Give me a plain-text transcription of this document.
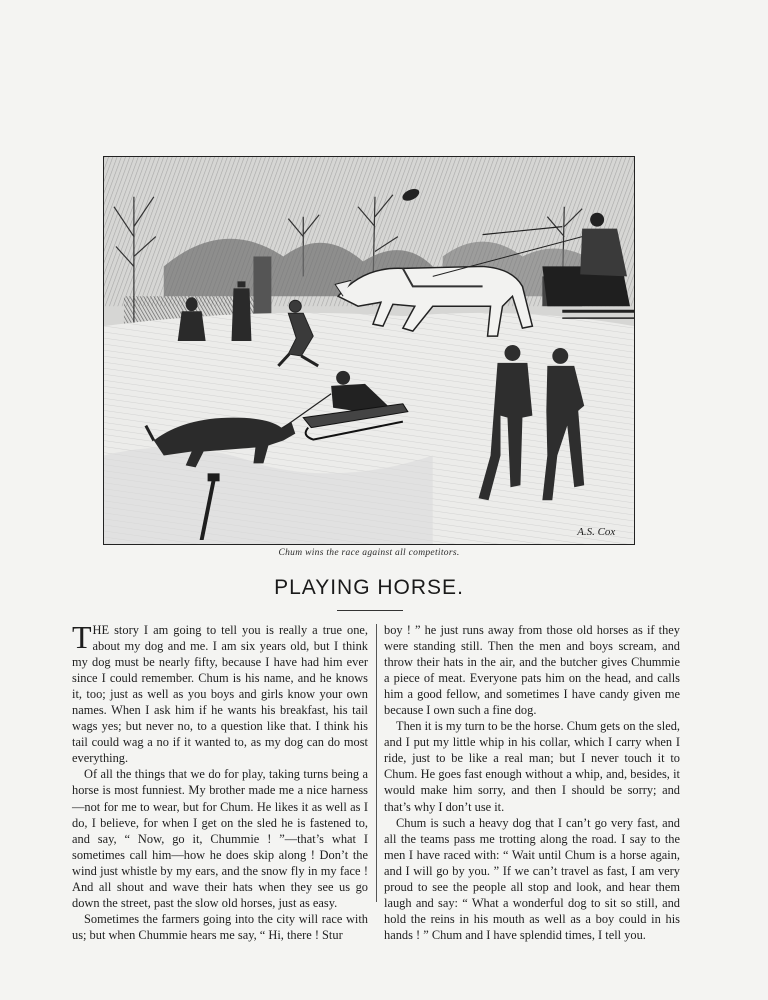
A.S. Cox
Chum wins the race against all competitors.
PLAYING HORSE.

THE story I am going to tell you is really a true one, about my dog and me. I am six years old, but I think my dog must be nearly fifty, because I have had him ever since I could remember. Chum is his name, and he knows it, too; just as well as you boys and girls know your own names. When I ask him if he wants his breakfast, his tail wags yes; but never no, to a question like that. I think his tail could wag a no if it wanted to, as my dog can do most everything.

Of all the things that we do for play, taking turns being a horse is most funniest. My brother made me a nice harness—not for me to wear, but for Chum. He likes it as well as I do, I believe, for when I get on the sled he is fastened to, and say, “ Now, go it, Chummie ! ”—that’s what I sometimes call him—how he does skip along ! Don’t the wind just whistle by my ears, and the snow fly in my face ! And all shout and wave their hats when they see us go down the street, past the slow old horses, just as easy.

Sometimes the farmers going into the city will race with us; but when Chummie hears me say, “ Hi, there ! Stur

boy ! ” he just runs away from those old horses as if they were standing still. Then the men and boys scream, and throw their hats in the air, and the butcher gives Chummie a piece of meat. Everyone pats him on the head, and calls him a good fellow, and sometimes I have candy given me because I own such a fine dog.

Then it is my turn to be the horse. Chum gets on the sled, and I put my little whip in his collar, which I carry when I ride, just to be like a real man; but I never touch it to Chum. He goes fast enough without a whip, and, besides, it would make him sorry, and then I should be sorry; and that’s why I don’t use it.

Chum is such a heavy dog that I can’t go very fast, and all the teams pass me trotting along the road. I say to the men I have raced with: “ Wait until Chum is a horse again, and I will go by you. ” If we can’t travel as fast, I am very proud to see the people all stop and look, and hear them laugh and say: “ What a wonderful dog to sit so still, and hold the reins in his mouth as well as a boy could in his hands ! ” Chum and I have splendid times, I tell you.
